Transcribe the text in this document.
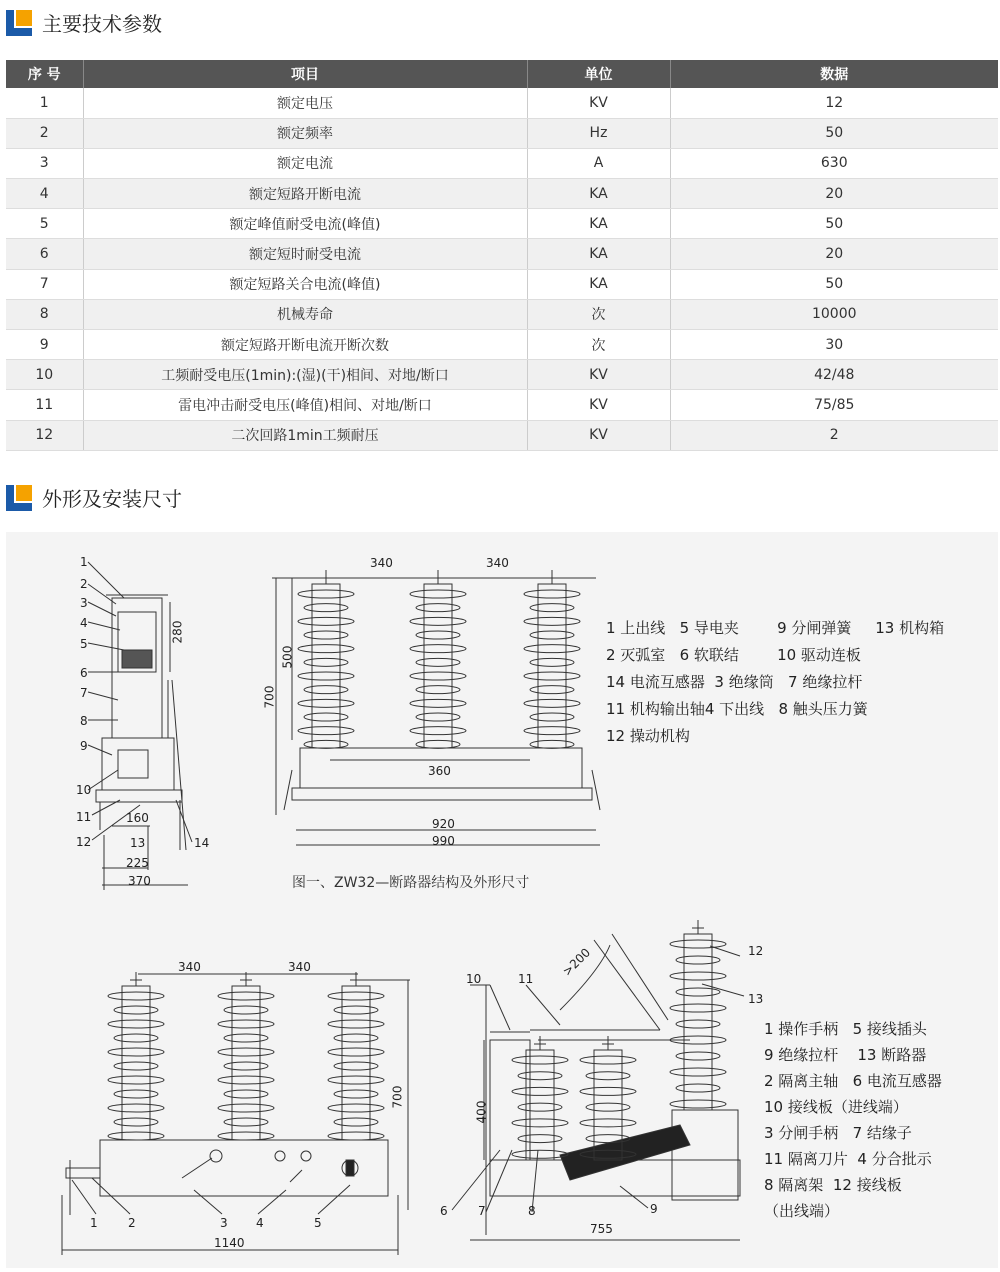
主要技术参数
序 号	项目	单位	数据
1	额定电压	KV	12
2	额定频率	Hz	50
3	额定电流	A	630
4	额定短路开断电流	KA	20
5	额定峰值耐受电流(峰值)	KA	50
6	额定短时耐受电流	KA	20
7	额定短路关合电流(峰值)	KA	50
8	机械寿命	次	10000
9	额定短路开断电流开断次数	次	30
10	工频耐受电压(1min):(湿)(干)相间、对地/断口	KV	42/48
11	雷电冲击耐受电压(峰值)相间、对地/断口	KV	75/85
12	二次回路1min工频耐压	KV	2
外形及安装尺寸
1
2
3
4
5
6
7
8
9
10
11
12
280
160
13
225
370
14
340	340
500
700
360
920
990
1 上出线   5 导电夹        9 分闸弹簧     13 机构箱
2 灭弧室   6 软联结        10 驱动连板
14 电流互感器  3 绝缘筒   7 绝缘拉杆
11 机构输出轴4 下出线   8 触头压力簧
12 操动机构
图一、ZW32—断路器结构及外形尺寸
340	340
700
1140
1	2	3 4	5
>200
400
755
10	11
12
13
6	7	8	9
1 操作手柄   5 接线插头
9 绝缘拉杆    13 断路器
2 隔离主轴   6 电流互感器
10 接线板（进线端）
3 分闸手柄   7 结缘子
11 隔离刀片  4 分合批示
8 隔离架  12 接线板
（出线端）
